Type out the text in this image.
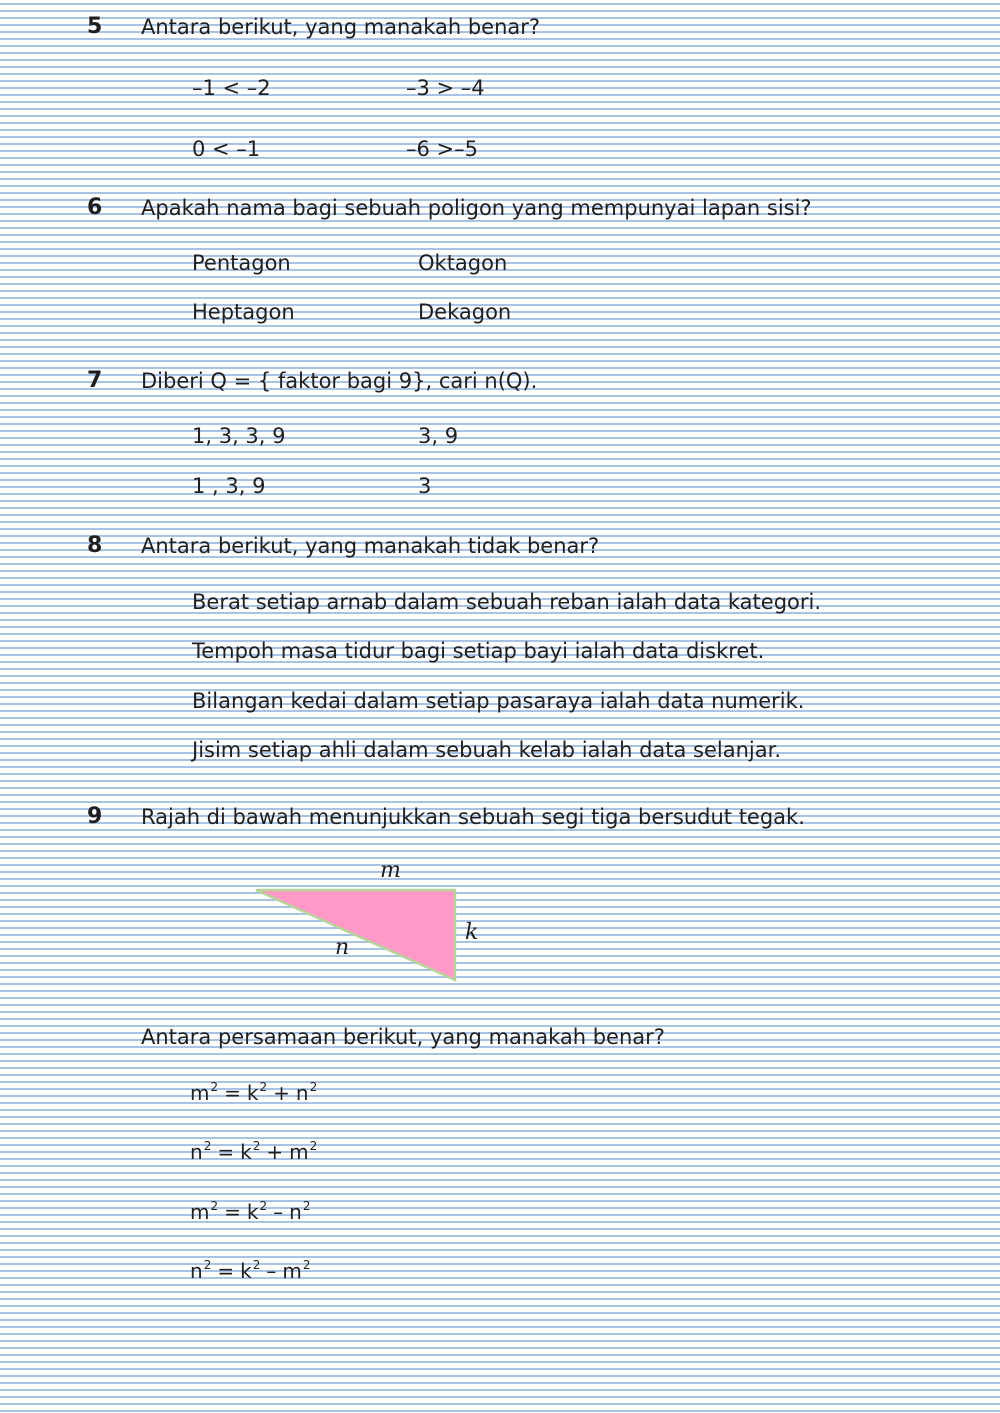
5 Antara berikut, yang manakah benar?
–1 < –2	–3 > –4
0 < –1	–6 >–5
6 Apakah nama bagi sebuah poligon yang mempunyai lapan sisi?
Pentagon	Oktagon
Heptagon	Dekagon
7 Diberi Q = { faktor bagi 9}, cari n(Q).
1, 3, 3, 9	3, 9
1 , 3, 9	3
8 Antara berikut, yang manakah tidak benar?
Berat setiap arnab dalam sebuah reban ialah data kategori.
Tempoh masa tidur bagi setiap bayi ialah data diskret.
Bilangan kedai dalam setiap pasaraya ialah data numerik.
Jisim setiap ahli dalam sebuah kelab ialah data selanjar.
9 Rajah di bawah menunjukkan sebuah segi tiga bersudut tegak.
m
k
n
Antara persamaan berikut, yang manakah benar?
$m^2 = k^2 + n^2$
$n^2 = k^2 + m^2$
$m^2 = k^2 - n^2$
$n^2 = k^2 - m^2$
